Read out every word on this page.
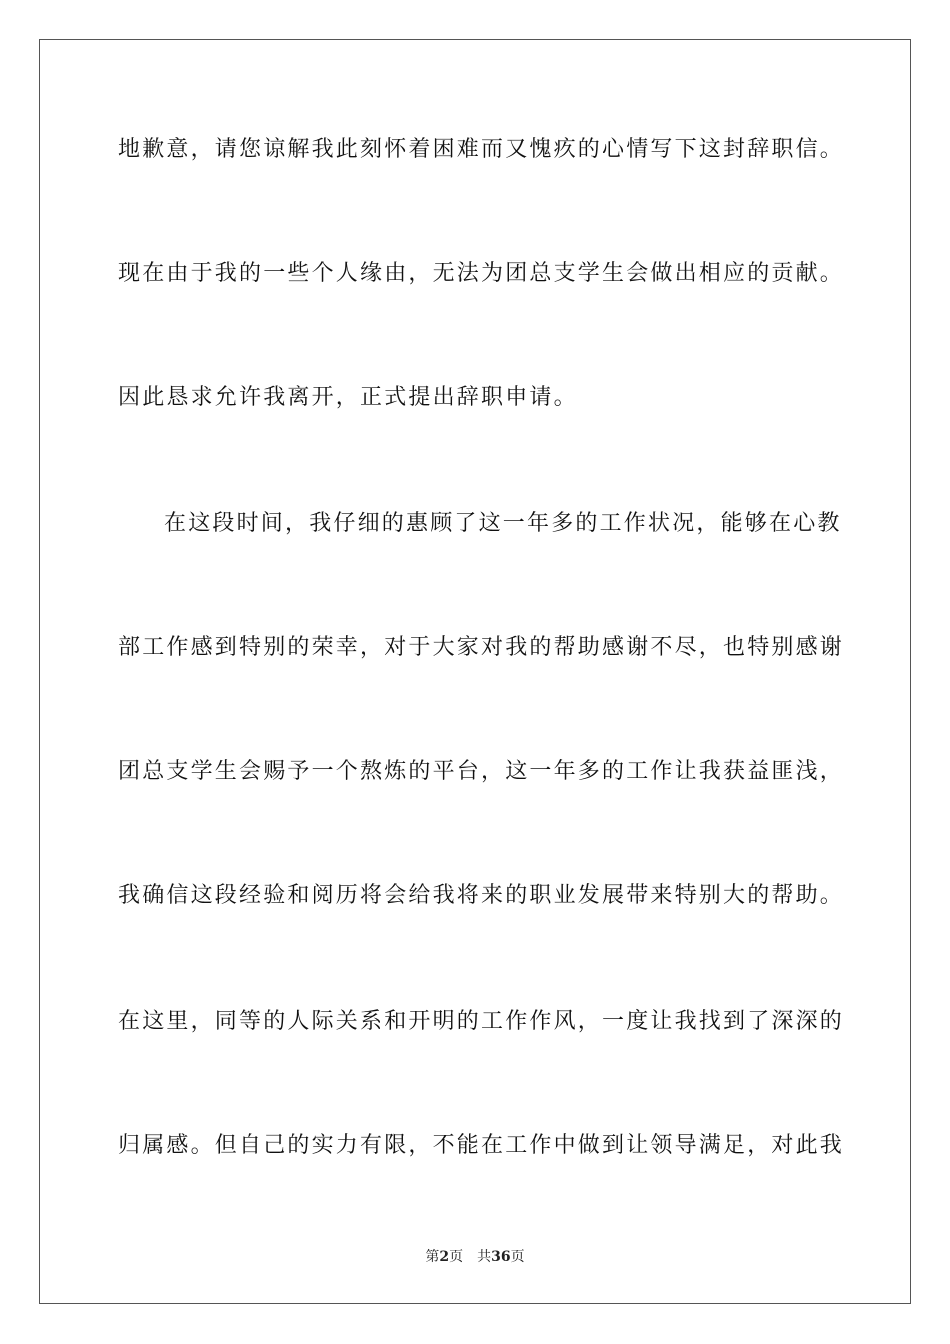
地歉意，请您谅解我此刻怀着困难而又愧疚的心情写下这封辞职信。
现在由于我的一些个人缘由，无法为团总支学生会做出相应的贡献。
因此恳求允许我离开，正式提出辞职申请。
在这段时间，我仔细的惠顾了这一年多的工作状况，能够在心教
部工作感到特别的荣幸，对于大家对我的帮助感谢不尽，也特别感谢
团总支学生会赐予一个熬炼的平台，这一年多的工作让我获益匪浅，
我确信这段经验和阅历将会给我将来的职业发展带来特别大的帮助。
在这里，同等的人际关系和开明的工作作风，一度让我找到了深深的
归属感。但自己的实力有限，不能在工作中做到让领导满足，对此我
第2页 共36页
